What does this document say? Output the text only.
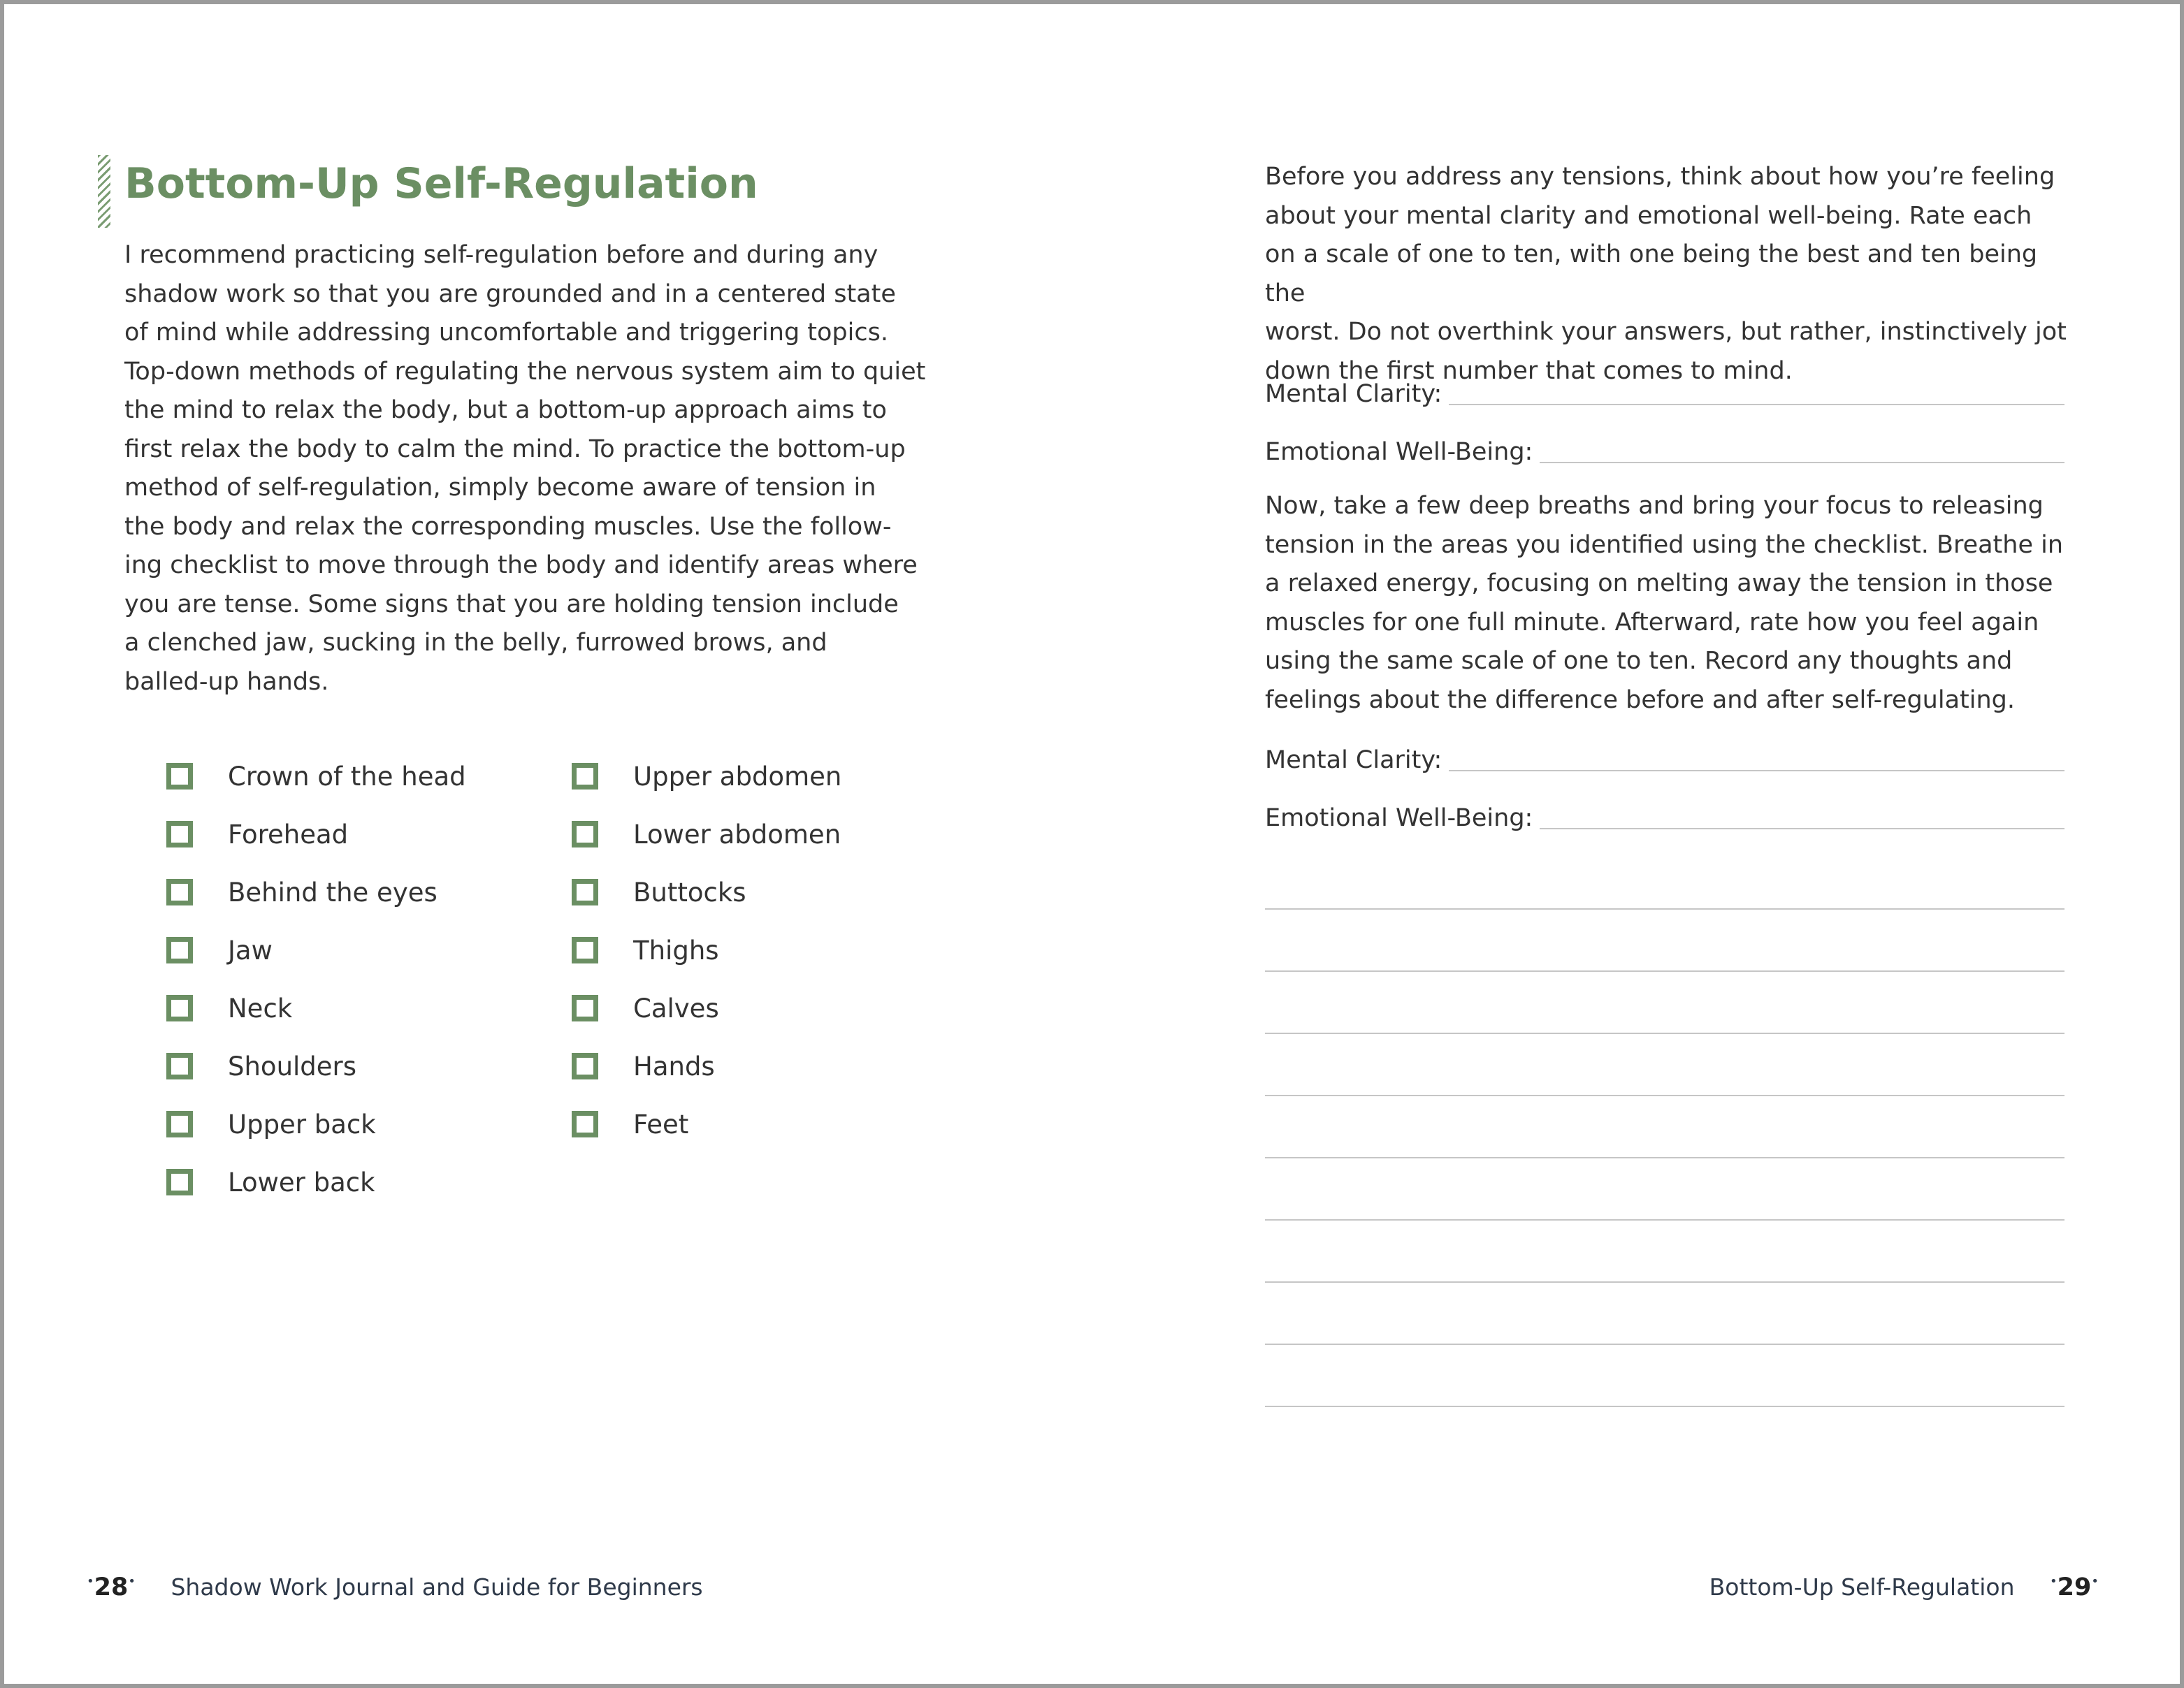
Bottom-Up Self-Regulation
I recommend practicing self-regulation before and during any
shadow work so that you are grounded and in a centered state
of mind while addressing uncomfortable and triggering topics.
Top-down methods of regulating the nervous system aim to quiet
the mind to relax the body, but a bottom-up approach aims to
first relax the body to calm the mind. To practice the bottom-up
method of self-regulation, simply become aware of tension in
the body and relax the corresponding muscles. Use the follow-
ing checklist to move through the body and identify areas where
you are tense. Some signs that you are holding tension include
a clenched jaw, sucking in the belly, furrowed brows, and
balled-up hands.
Crown of the head
Forehead
Behind the eyes
Jaw
Neck
Shoulders
Upper back
Lower back
Upper abdomen
Lower abdomen
Buttocks
Thighs
Calves
Hands
Feet
•28• Shadow Work Journal and Guide for Beginners
Before you address any tensions, think about how you’re feeling
about your mental clarity and emotional well-being. Rate each
on a scale of one to ten, with one being the best and ten being the
worst. Do not overthink your answers, but rather, instinctively jot
down the first number that comes to mind.
Mental Clarity:
Emotional Well-Being:
Now, take a few deep breaths and bring your focus to releasing
tension in the areas you identified using the checklist. Breathe in
a relaxed energy, focusing on melting away the tension in those
muscles for one full minute. Afterward, rate how you feel again
using the same scale of one to ten. Record any thoughts and
feelings about the difference before and after self-regulating.
Mental Clarity:
Emotional Well-Being:
Bottom-Up Self-Regulation	•29•
